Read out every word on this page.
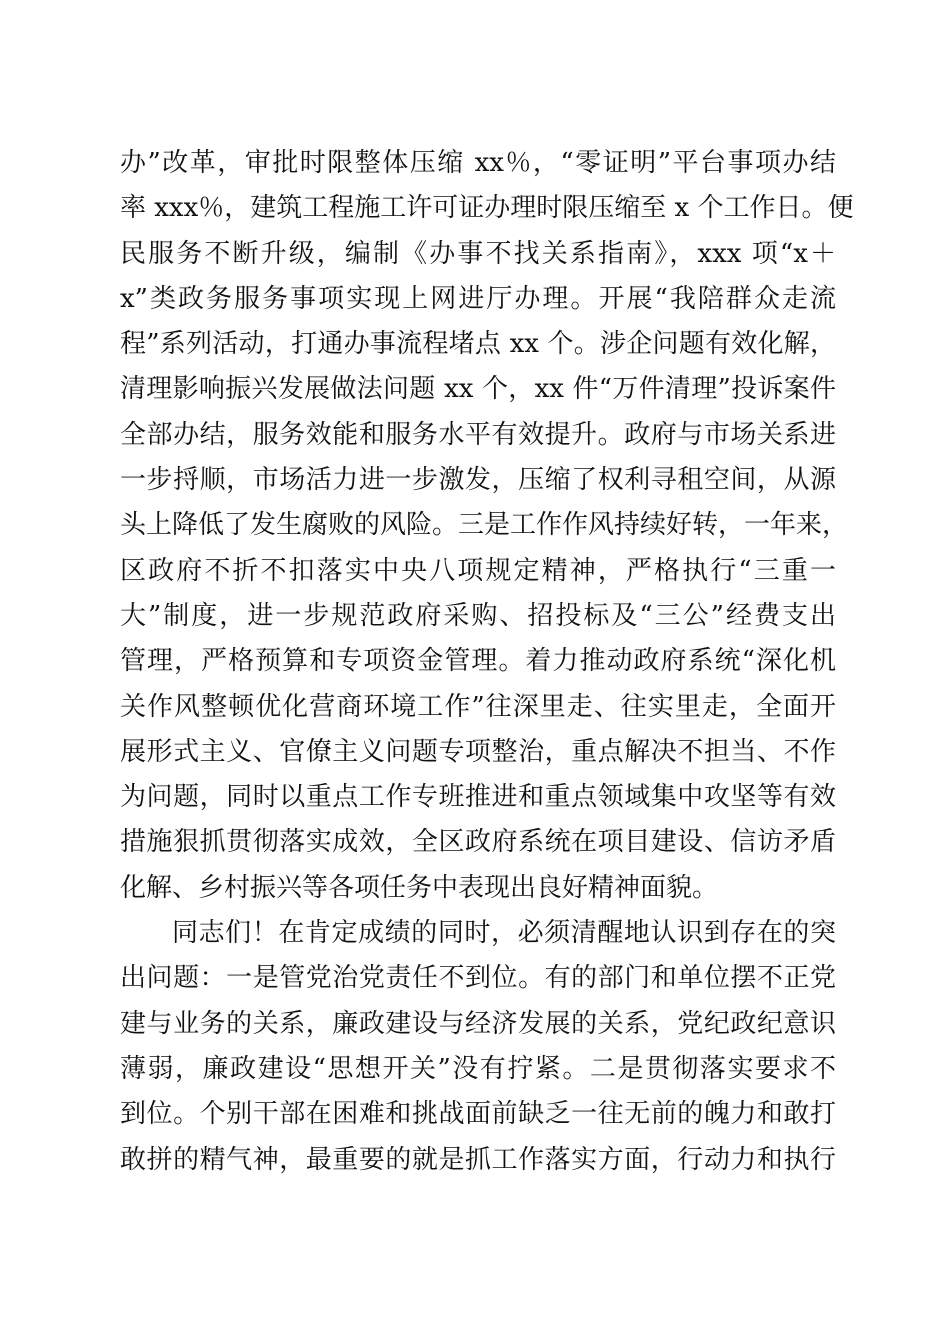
办”改革，审批时限整体压缩 xx％，“零证明”平台事项办结
率 xxx％，建筑工程施工许可证办理时限压缩至 x 个工作日。便
民服务不断升级，编制《办事不找关系指南》，xxx 项“x＋
x”类政务服务事项实现上网进厅办理。开展“我陪群众走流
程”系列活动，打通办事流程堵点 xx 个。涉企问题有效化解，
清理影响振兴发展做法问题 xx 个，xx 件“万件清理”投诉案件
全部办结，服务效能和服务水平有效提升。政府与市场关系进
一步捋顺，市场活力进一步激发，压缩了权利寻租空间，从源
头上降低了发生腐败的风险。三是工作作风持续好转，一年来，
区政府不折不扣落实中央八项规定精神，严格执行“三重一
大”制度，进一步规范政府采购、招投标及“三公”经费支出
管理，严格预算和专项资金管理。着力推动政府系统“深化机
关作风整顿优化营商环境工作”往深里走、往实里走，全面开
展形式主义、官僚主义问题专项整治，重点解决不担当、不作
为问题，同时以重点工作专班推进和重点领域集中攻坚等有效
措施狠抓贯彻落实成效，全区政府系统在项目建设、信访矛盾
化解、乡村振兴等各项任务中表现出良好精神面貌。
同志们！在肯定成绩的同时，必须清醒地认识到存在的突
出问题：一是管党治党责任不到位。有的部门和单位摆不正党
建与业务的关系，廉政建设与经济发展的关系，党纪政纪意识
薄弱，廉政建设“思想开关”没有拧紧。二是贯彻落实要求不
到位。个别干部在困难和挑战面前缺乏一往无前的魄力和敢打
敢拼的精气神，最重要的就是抓工作落实方面，行动力和执行
